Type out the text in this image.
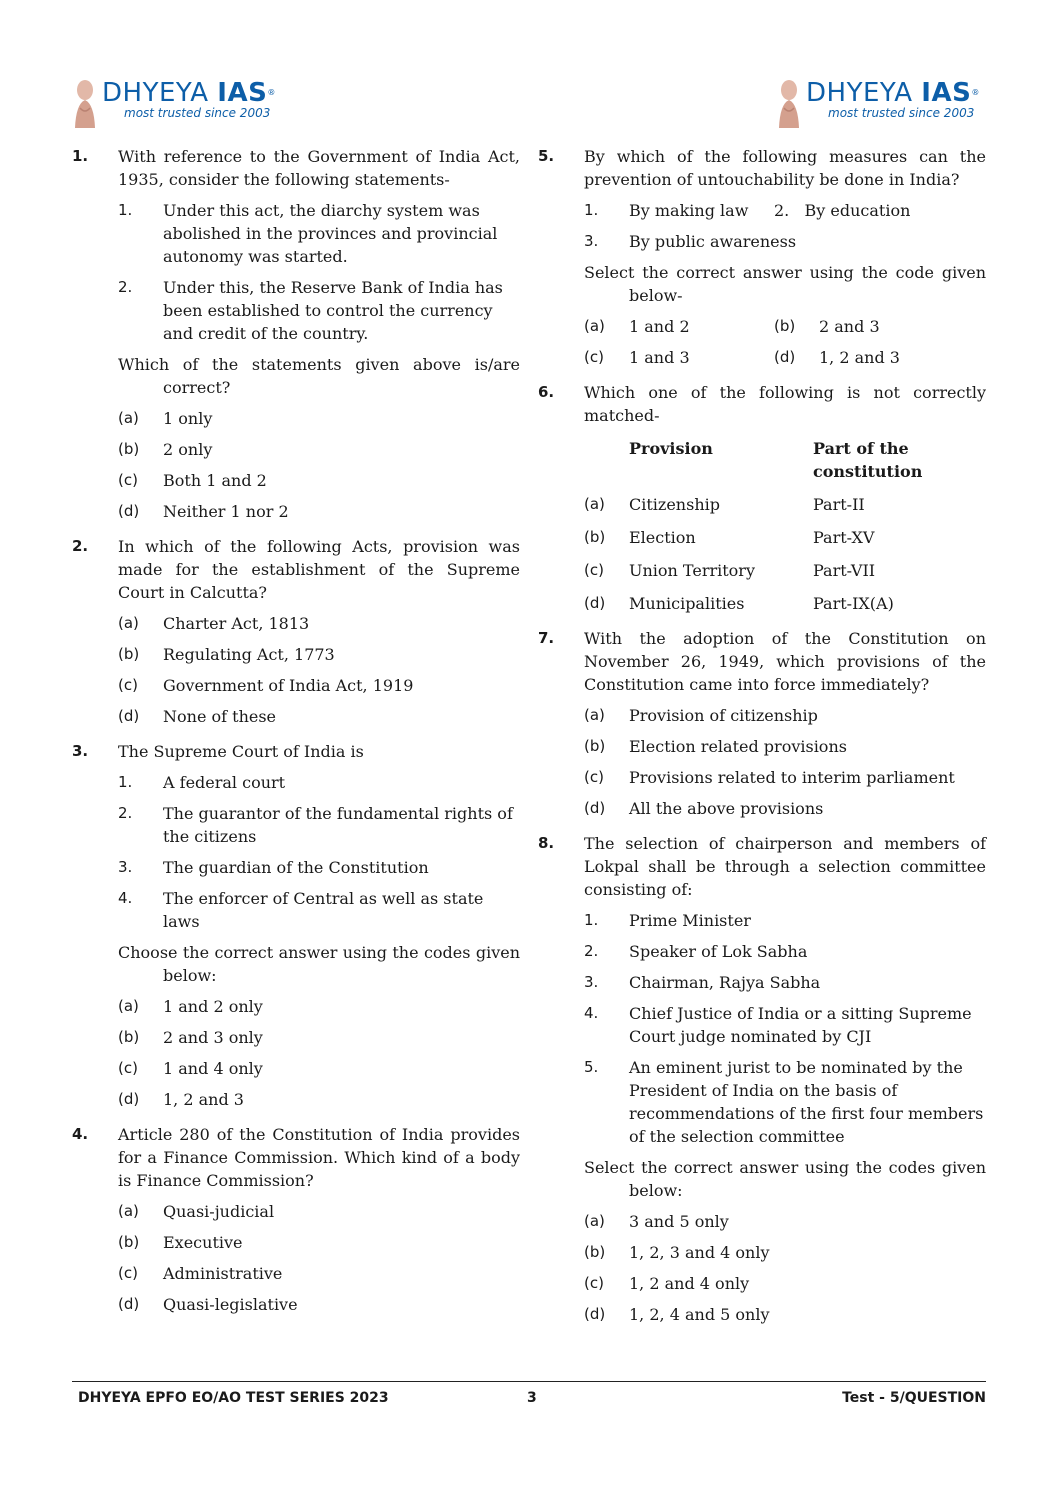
DHYEYA IAS®
most trusted since 2003
DHYEYA IAS®
most trusted since 2003
1. With reference to the Government of India Act, 1935, consider the following statements-
1. Under this act, the diarchy system was abolished in the provinces and provincial autonomy was started.
2. Under this, the Reserve Bank of India has been established to control the currency and credit of the country.
Which of the statements given above is/are correct?
(a) 1 only
(b) 2 only
(c) Both 1 and 2
(d) Neither 1 nor 2
2. In which of the following Acts, provision was made for the establishment of the Supreme Court in Calcutta?
(a) Charter Act, 1813
(b) Regulating Act, 1773
(c) Government of India Act, 1919
(d) None of these
3. The Supreme Court of India is
1. A federal court
2. The guarantor of the fundamental rights of the citizens
3. The guardian of the Constitution
4. The enforcer of Central as well as state laws
Choose the correct answer using the codes given below:
(a) 1 and 2 only
(b) 2 and 3 only
(c) 1 and 4 only
(d) 1, 2 and 3
4. Article 280 of the Constitution of India provides for a Finance Commission. Which kind of a body is Finance Commission?
(a) Quasi-judicial
(b) Executive
(c) Administrative
(d) Quasi-legislative
5. By which of the following measures can the prevention of untouchability be done in India?
1. By making law	2. By education
3. By public awareness
Select the correct answer using the code given below-
(a) 1 and 2	(b) 2 and 3
(c) 1 and 3	(d) 1, 2 and 3
6. Which one of the following is not correctly matched-
Provision	Part of the constitution
(a)	Citizenship	Part-II
(b)	Election	Part-XV
(c)	Union Territory	Part-VII
(d)	Municipalities	Part-IX(A)
7. With the adoption of the Constitution on November 26, 1949, which provisions of the Constitution came into force immediately?
(a) Provision of citizenship
(b) Election related provisions
(c) Provisions related to interim parliament
(d) All the above provisions
8. The selection of chairperson and members of Lokpal shall be through a selection committee consisting of:
1. Prime Minister
2. Speaker of Lok Sabha
3. Chairman, Rajya Sabha
4. Chief Justice of India or a sitting Supreme Court judge nominated by CJI
5. An eminent jurist to be nominated by the President of India on the basis of recommendations of the first four members of the selection committee
Select the correct answer using the codes given below:
(a) 3 and 5 only
(b) 1, 2, 3 and 4 only
(c) 1, 2 and 4 only
(d) 1, 2, 4 and 5 only
DHYEYA EPFO EO/AO TEST SERIES 2023	3	Test - 5/QUESTION
